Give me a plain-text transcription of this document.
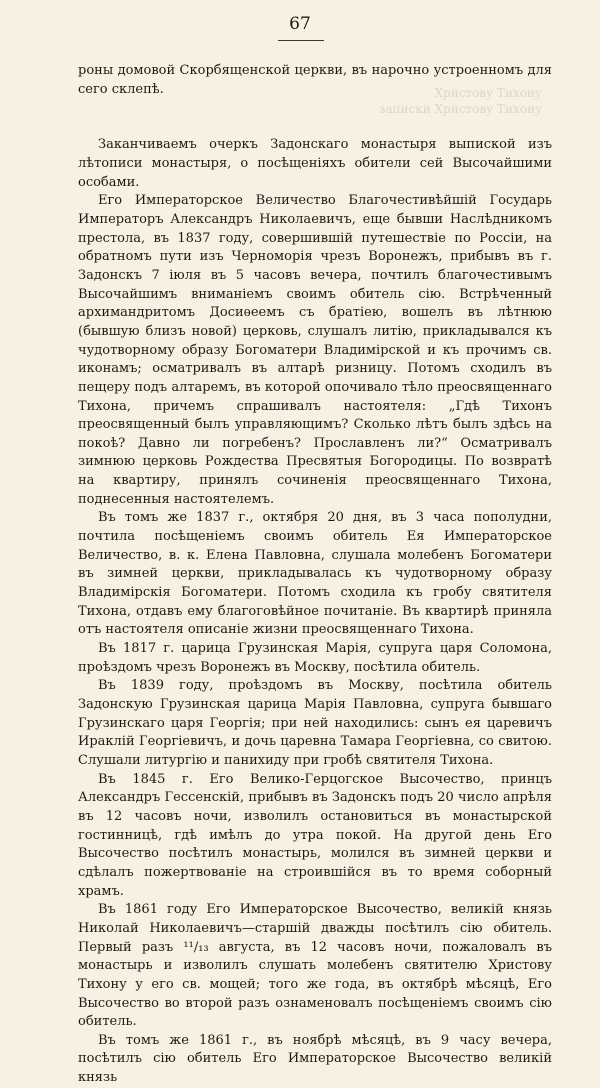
Христову Тихону
записки Христову Тихону
67

роны домовой Скорбященской церкви, въ нарочно устроенномъ для сего склепѣ.

Заканчиваемъ очеркъ Задонскаго монастыря выпиской изъ лѣтописи монастыря, о посѣщеніяхъ обители сей Высочайшими особами.

Его Императорское Величество Благочестивѣйшій Государь Императоръ Александръ Николаевичъ, еще бывши Наслѣдникомъ престола, въ 1837 году, совершившій путешествіе по Россіи, на обратномъ пути изъ Черноморія чрезъ Воронежъ, прибывъ въ г. Задонскъ 7 іюля въ 5 часовъ вечера, почтилъ благочестивымъ Высочайшимъ вниманіемъ своимъ обитель сію. Встрѣченный архимандритомъ Досиѳеемъ съ братіею, вошелъ въ лѣтнюю (бывшую близъ новой) церковь, слушалъ литію, прикладывался къ чудотворному образу Богоматери Владимірской и къ прочимъ св. иконамъ; осматривалъ въ алтарѣ ризницу. Потомъ сходилъ въ пещеру подъ алтаремъ, въ которой опочивало тѣло преосвященнаго Тихона, причемъ спрашивалъ настоятеля: „Гдѣ Тихонъ преосвященный былъ управляющимъ? Сколько лѣтъ былъ здѣсь на покоѣ? Давно ли погребенъ? Прославленъ ли?“ Осматривалъ зимнюю церковь Рождества Пресвятыя Богородицы. По возвратѣ на квартиру, принялъ сочиненія преосвященнаго Тихона, поднесенныя настоятелемъ.

Въ томъ же 1837 г., октября 20 дня, въ 3 часа пополудни, почтила посѣщеніемъ своимъ обитель Ея Императорское Величество, в. к. Елена Павловна, слушала молебенъ Богоматери въ зимней церкви, прикладывалась къ чудотворному образу Владимірскія Богоматери. Потомъ сходила къ гробу святителя Тихона, отдавъ ему благоговѣйное почитаніе. Въ квартирѣ приняла отъ настоятеля описаніе жизни преосвященнаго Тихона.

Въ 1817 г. царица Грузинская Марія, супруга царя Соломона, проѣздомъ чрезъ Воронежъ въ Москву, посѣтила обитель.

Въ 1839 году, проѣздомъ въ Москву, посѣтила обитель Задонскую Грузинская царица Марія Павловна, супруга бывшаго Грузинскаго царя Георгія; при ней находились: сынъ ея царевичъ Ираклій Георгіевичъ, и дочь царевна Тамара Георгіевна, со свитою. Слушали литургію и панихиду при гробѣ святителя Тихона.

Въ 1845 г. Его Велико-Герцогское Высочество, принцъ Александръ Гессенскій, прибывъ въ Задонскъ подъ 20 число апрѣля въ 12 часовъ ночи, изволилъ остановиться въ монастырской гостинницѣ, гдѣ имѣлъ до утра покой. На другой день Его Высочество посѣтилъ монастырь, молился въ зимней церкви и сдѣлалъ пожертвованіе на строившійся въ то время соборный храмъ.

Въ 1861 году Его Императорское Высочество, великій князь Николай Николаевичъ—старшій дважды посѣтилъ сію обитель. Первый разъ ¹¹/₁₃ августа, въ 12 часовъ ночи, пожаловалъ въ монастырь и изволилъ слушать молебенъ святителю Христову Тихону у его св. мощей; того же года, въ октябрѣ мѣсяцѣ, Его Высочество во второй разъ ознаменовалъ посѣщеніемъ своимъ сію обитель.

Въ томъ же 1861 г., въ ноябрѣ мѣсяцѣ, въ 9 часу вечера, посѣтилъ сію обитель Его Императорское Высочество великій князь
